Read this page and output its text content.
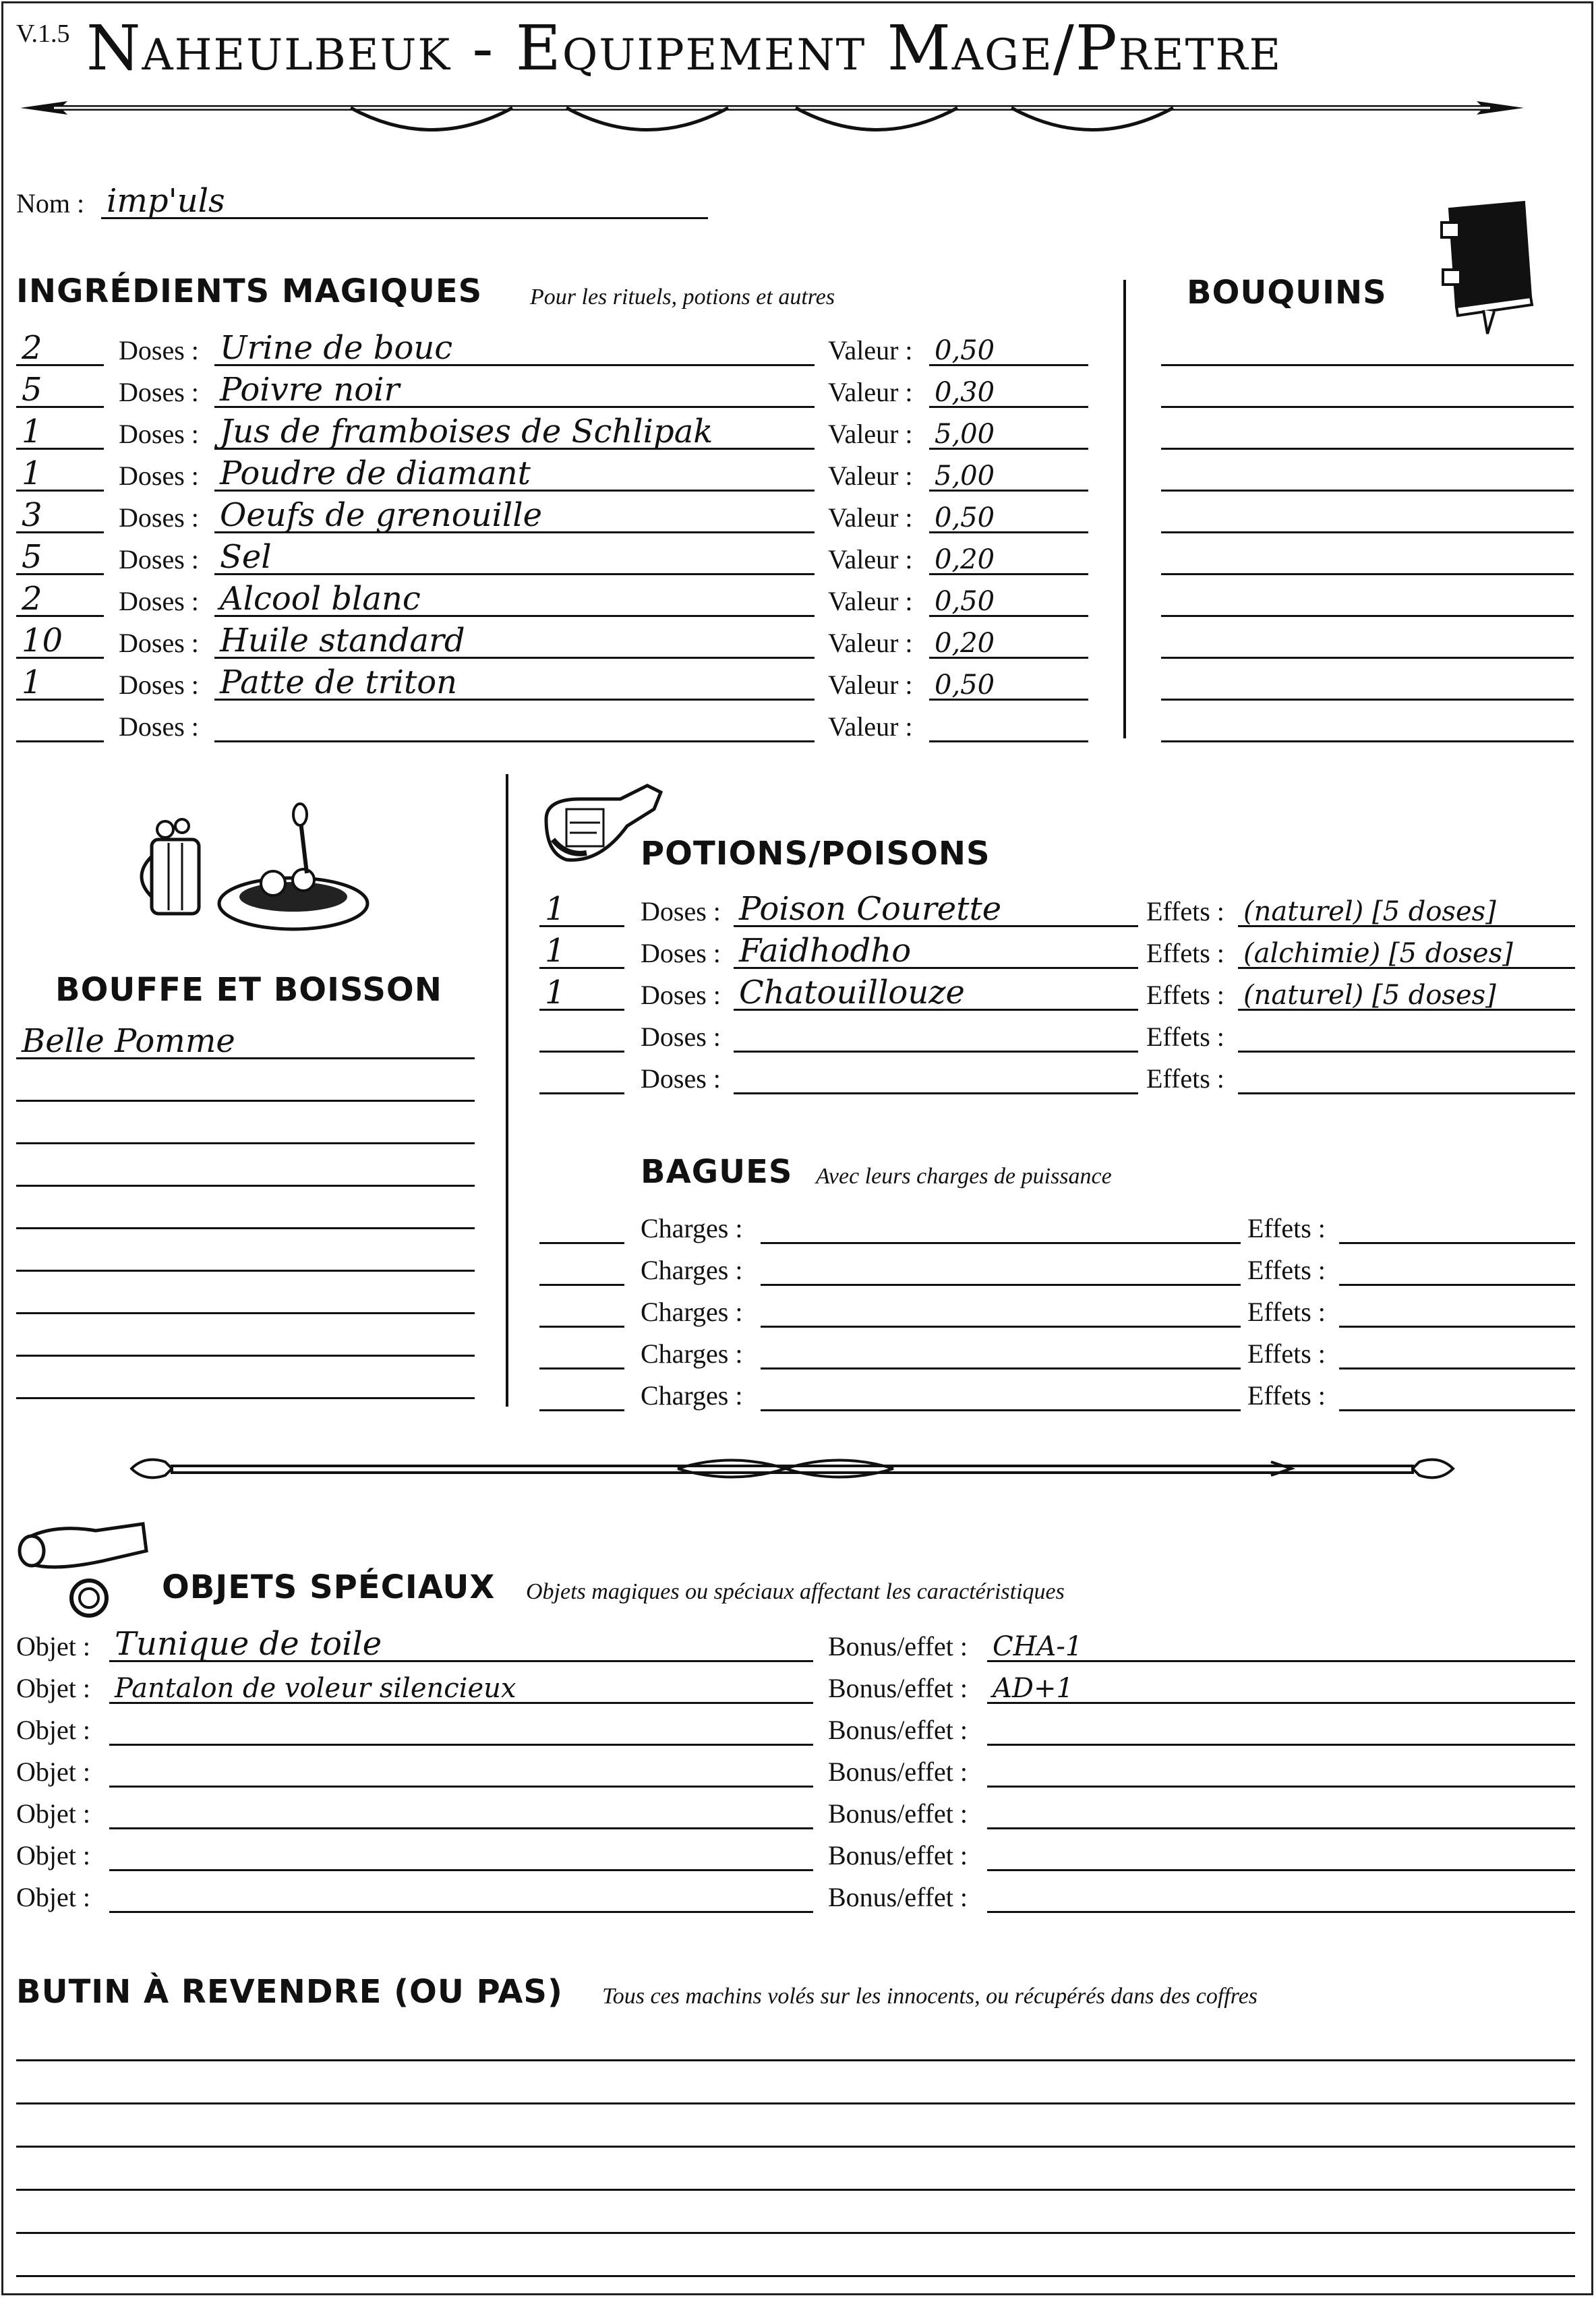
V.1.5 Naheulbeuk - Equipement Mage/Pretre
Nom : imp'uls
INGRÉDIENTS MAGIQUES Pour les rituels, potions et autres
2	Doses : Urine de bouc	Valeur : 0,50
5	Doses : Poivre noir	Valeur : 0,30
1	Doses : Jus de framboises de Schlipak	Valeur : 5,00
1	Doses : Poudre de diamant	Valeur : 5,00
3	Doses : Oeufs de grenouille	Valeur : 0,50
5	Doses : Sel	Valeur : 0,20
2	Doses : Alcool blanc	Valeur : 0,50
10 Doses : Huile standard	Valeur : 0,20
1	Doses : Patte de triton	Valeur : 0,50
Doses :	Valeur :
BOUQUINS
BOUFFE ET BOISSON
Belle Pomme
POTIONS/POISONS
1	Doses : Poison Courette	Effets : (naturel) [5 doses]
1	Doses : Faidhodho	Effets : (alchimie) [5 doses]
1	Doses : Chatouillouze	Effets : (naturel) [5 doses]
Doses :	Effets :
Doses :	Effets :
BAGUES Avec leurs charges de puissance
Charges :	Effets :
Charges :	Effets :
Charges :	Effets :
Charges :	Effets :
Charges :	Effets :
OBJETS SPÉCIAUX Objets magiques ou spéciaux affectant les caractéristiques
Objet : Tunique de toile	Bonus/effet : CHA-1
Objet : Pantalon de voleur silencieux	Bonus/effet : AD+1
Objet :	Bonus/effet :
Objet :	Bonus/effet :
Objet :	Bonus/effet :
Objet :	Bonus/effet :
Objet :	Bonus/effet :
BUTIN À REVENDRE (OU PAS) Tous ces machins volés sur les innocents, ou récupérés dans des coffres
